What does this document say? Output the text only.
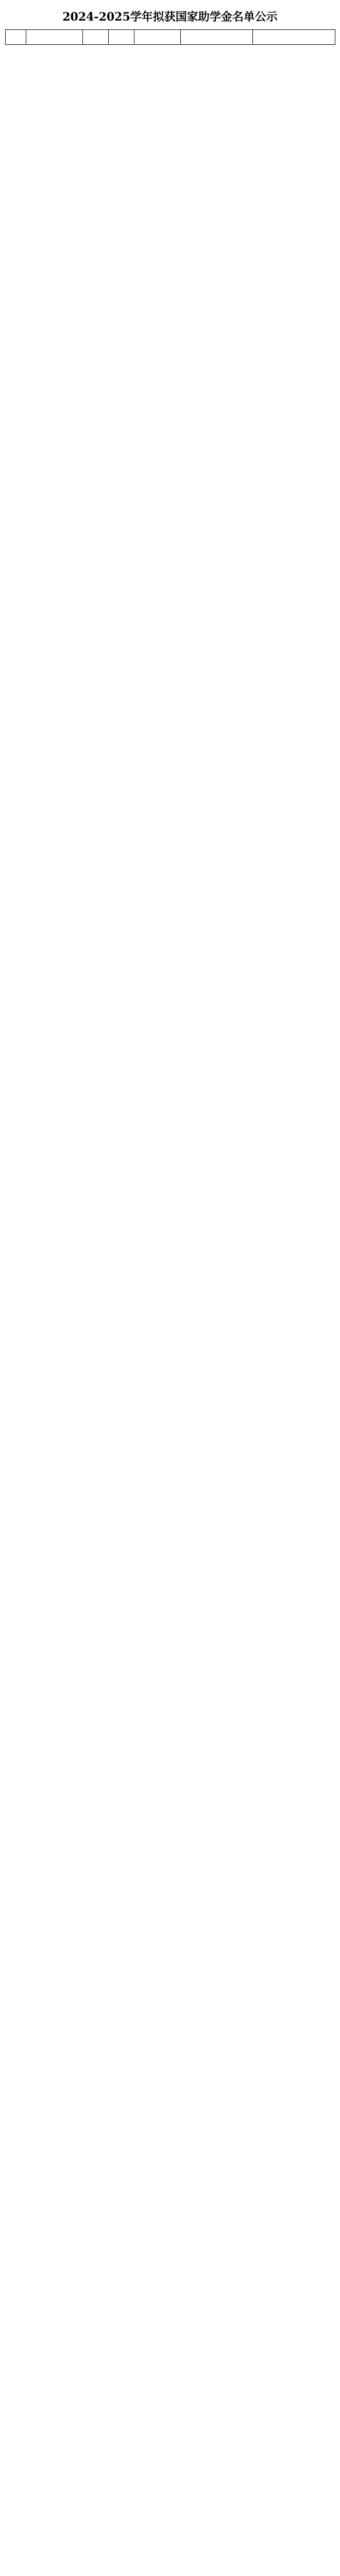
2024-2025学年拟获国家助学金名单公示
